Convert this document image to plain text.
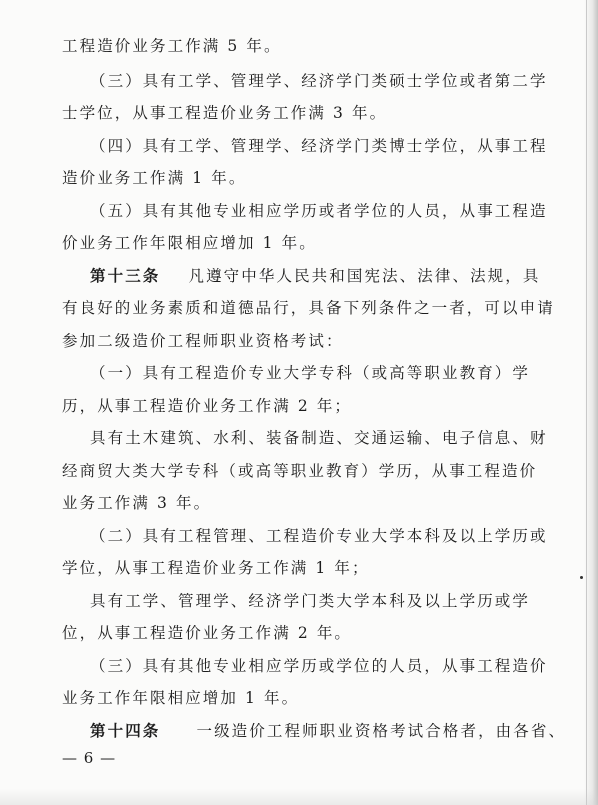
工程造价业务工作满 5 年。
（三）具有工学、管理学、经济学门类硕士学位或者第二学
士学位，从事工程造价业务工作满 3 年。
（四）具有工学、管理学、经济学门类博士学位，从事工程
造价业务工作满 1 年。
（五）具有其他专业相应学历或者学位的人员，从事工程造
价业务工作年限相应增加 1 年。
第十三条 凡遵守中华人民共和国宪法、法律、法规，具
有良好的业务素质和道德品行，具备下列条件之一者，可以申请
参加二级造价工程师职业资格考试：
（一）具有工程造价专业大学专科（或高等职业教育）学
历，从事工程造价业务工作满 2 年；
具有土木建筑、水利、装备制造、交通运输、电子信息、财
经商贸大类大学专科（或高等职业教育）学历，从事工程造价
业务工作满 3 年。
（二）具有工程管理、工程造价专业大学本科及以上学历或
学位，从事工程造价业务工作满 1 年；
具有工学、管理学、经济学门类大学本科及以上学历或学
位，从事工程造价业务工作满 2 年。
（三）具有其他专业相应学历或学位的人员，从事工程造价
业务工作年限相应增加 1 年。
第十四条 一级造价工程师职业资格考试合格者，由各省、
— 6 —
